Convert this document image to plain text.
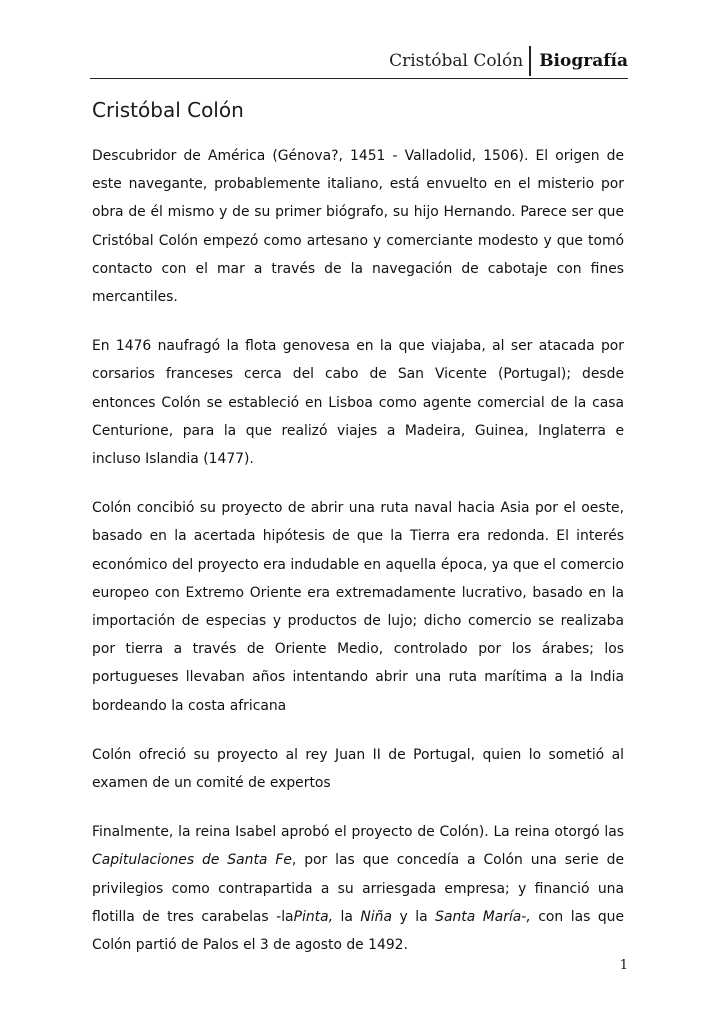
Cristóbal Colón Biografía
Cristóbal Colón

Descubridor de América (Génova?, 1451 - Valladolid, 1506). El origen de este navegante, probablemente italiano, está envuelto en el misterio por obra de él mismo y de su primer biógrafo, su hijo Hernando. Parece ser que Cristóbal Colón empezó como artesano y comerciante modesto y que tomó contacto con el mar a través de la navegación de cabotaje con fines mercantiles.

En 1476 naufragó la flota genovesa en la que viajaba, al ser atacada por corsarios franceses cerca del cabo de San Vicente (Portugal); desde entonces Colón se estableció en Lisboa como agente comercial de la casa Centurione, para la que realizó viajes a Madeira, Guinea, Inglaterra e incluso Islandia (1477).

Colón concibió su proyecto de abrir una ruta naval hacia Asia por el oeste, basado en la acertada hipótesis de que la Tierra era redonda. El interés económico del proyecto era indudable en aquella época, ya que el comercio europeo con Extremo Oriente era extremadamente lucrativo, basado en la importación de especias y productos de lujo; dicho comercio se realizaba por tierra a través de Oriente Medio, controlado por los árabes; los portugueses llevaban años intentando abrir una ruta marítima a la India bordeando la costa africana

Colón ofreció su proyecto al rey Juan II de Portugal, quien lo sometió al examen de un comité de expertos

Finalmente, la reina Isabel aprobó el proyecto de Colón). La reina otorgó las Capitulaciones de Santa Fe, por las que concedía a Colón una serie de privilegios como contrapartida a su arriesgada empresa; y financió una flotilla de tres carabelas -laPinta, la Niña y la Santa María-, con las que Colón partió de Palos el 3 de agosto de 1492.

1
